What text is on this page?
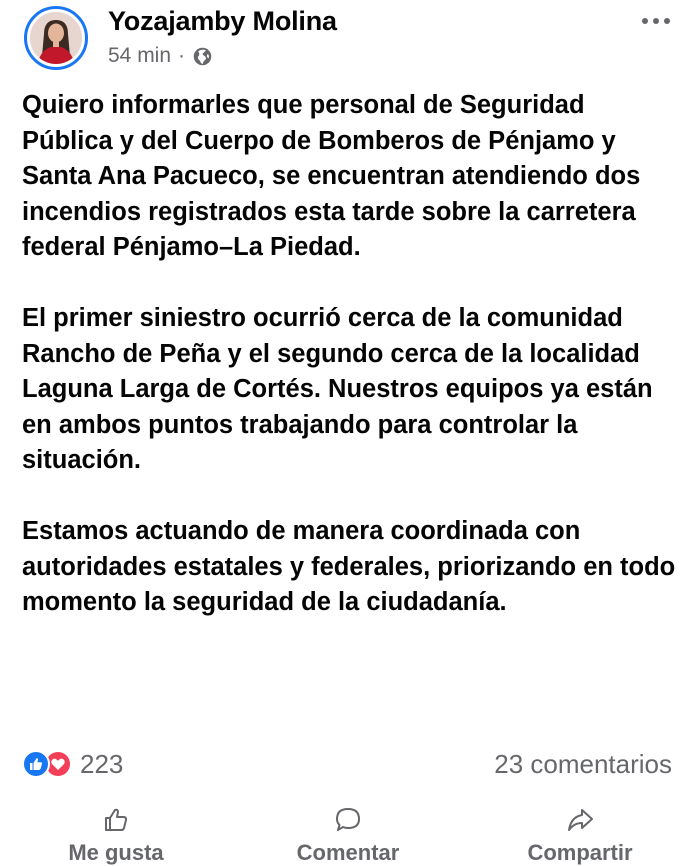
Yozajamby Molina
54 min ·

Quiero informarles que personal de Seguridad Pública y del Cuerpo de Bomberos de Pénjamo y Santa Ana Pacueco, se encuentran atendiendo dos incendios registrados esta tarde sobre la carretera federal Pénjamo–La Piedad.

El primer siniestro ocurrió cerca de la comunidad Rancho de Peña y el segundo cerca de la localidad Laguna Larga de Cortés. Nuestros equipos ya están en ambos puntos trabajando para controlar la situación.

Estamos actuando de manera coordinada con autoridades estatales y federales, priorizando en todo momento la seguridad de la ciudadanía.

223	23 comentarios
Me gusta	Comentar	Compartir
